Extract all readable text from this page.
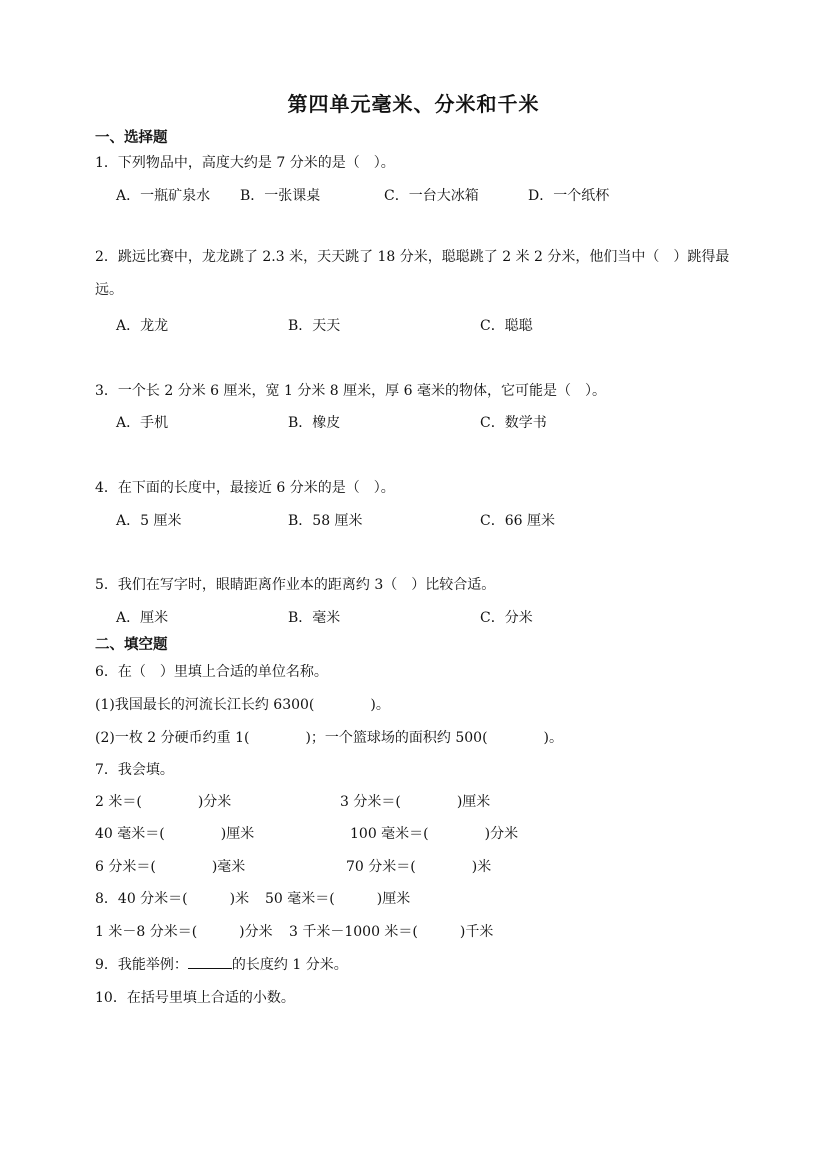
第四单元毫米、分米和千米
一、选择题
1．下列物品中，高度大约是 7 分米的是（　）。
A．一瓶矿泉水 B．一张课桌	C．一台大冰箱	D．一个纸杯
2．跳远比赛中，龙龙跳了 2.3 米，天天跳了 18 分米，聪聪跳了 2 米 2 分米，他们当中（　）跳得最远。
A．龙龙	B．天天	C．聪聪
3．一个长 2 分米 6 厘米，宽 1 分米 8 厘米，厚 6 毫米的物体，它可能是（　）。
A．手机	B．橡皮	C．数学书
4．在下面的长度中，最接近 6 分米的是（　）。
A．5 厘米	B．58 厘米	C．66 厘米
5．我们在写字时，眼睛距离作业本的距离约 3（　）比较合适。
A．厘米	B．毫米	C．分米
二、填空题
6．在（　）里填上合适的单位名称。
(1)我国最长的河流长江长约 6300(　　　　)。
(2)一枚 2 分硬币约重 1(　　　　)；一个篮球场的面积约 500(　　　　)。
7．我会填。
2 米＝(　　　　)分米	3 分米＝(　　　　)厘米
40 毫米＝(　　　　)厘米	100 毫米＝(　　　　)分米
6 分米＝(　　　　)毫米	70 分米＝(　　　　)米
8．40 分米＝(　　　)米 50 毫米＝(　　　)厘米
1 米－8 分米＝(　　　)分米 3 千米－1000 米＝(　　　)千米
9．我能举例：	的长度约 1 分米。
10．在括号里填上合适的小数。
